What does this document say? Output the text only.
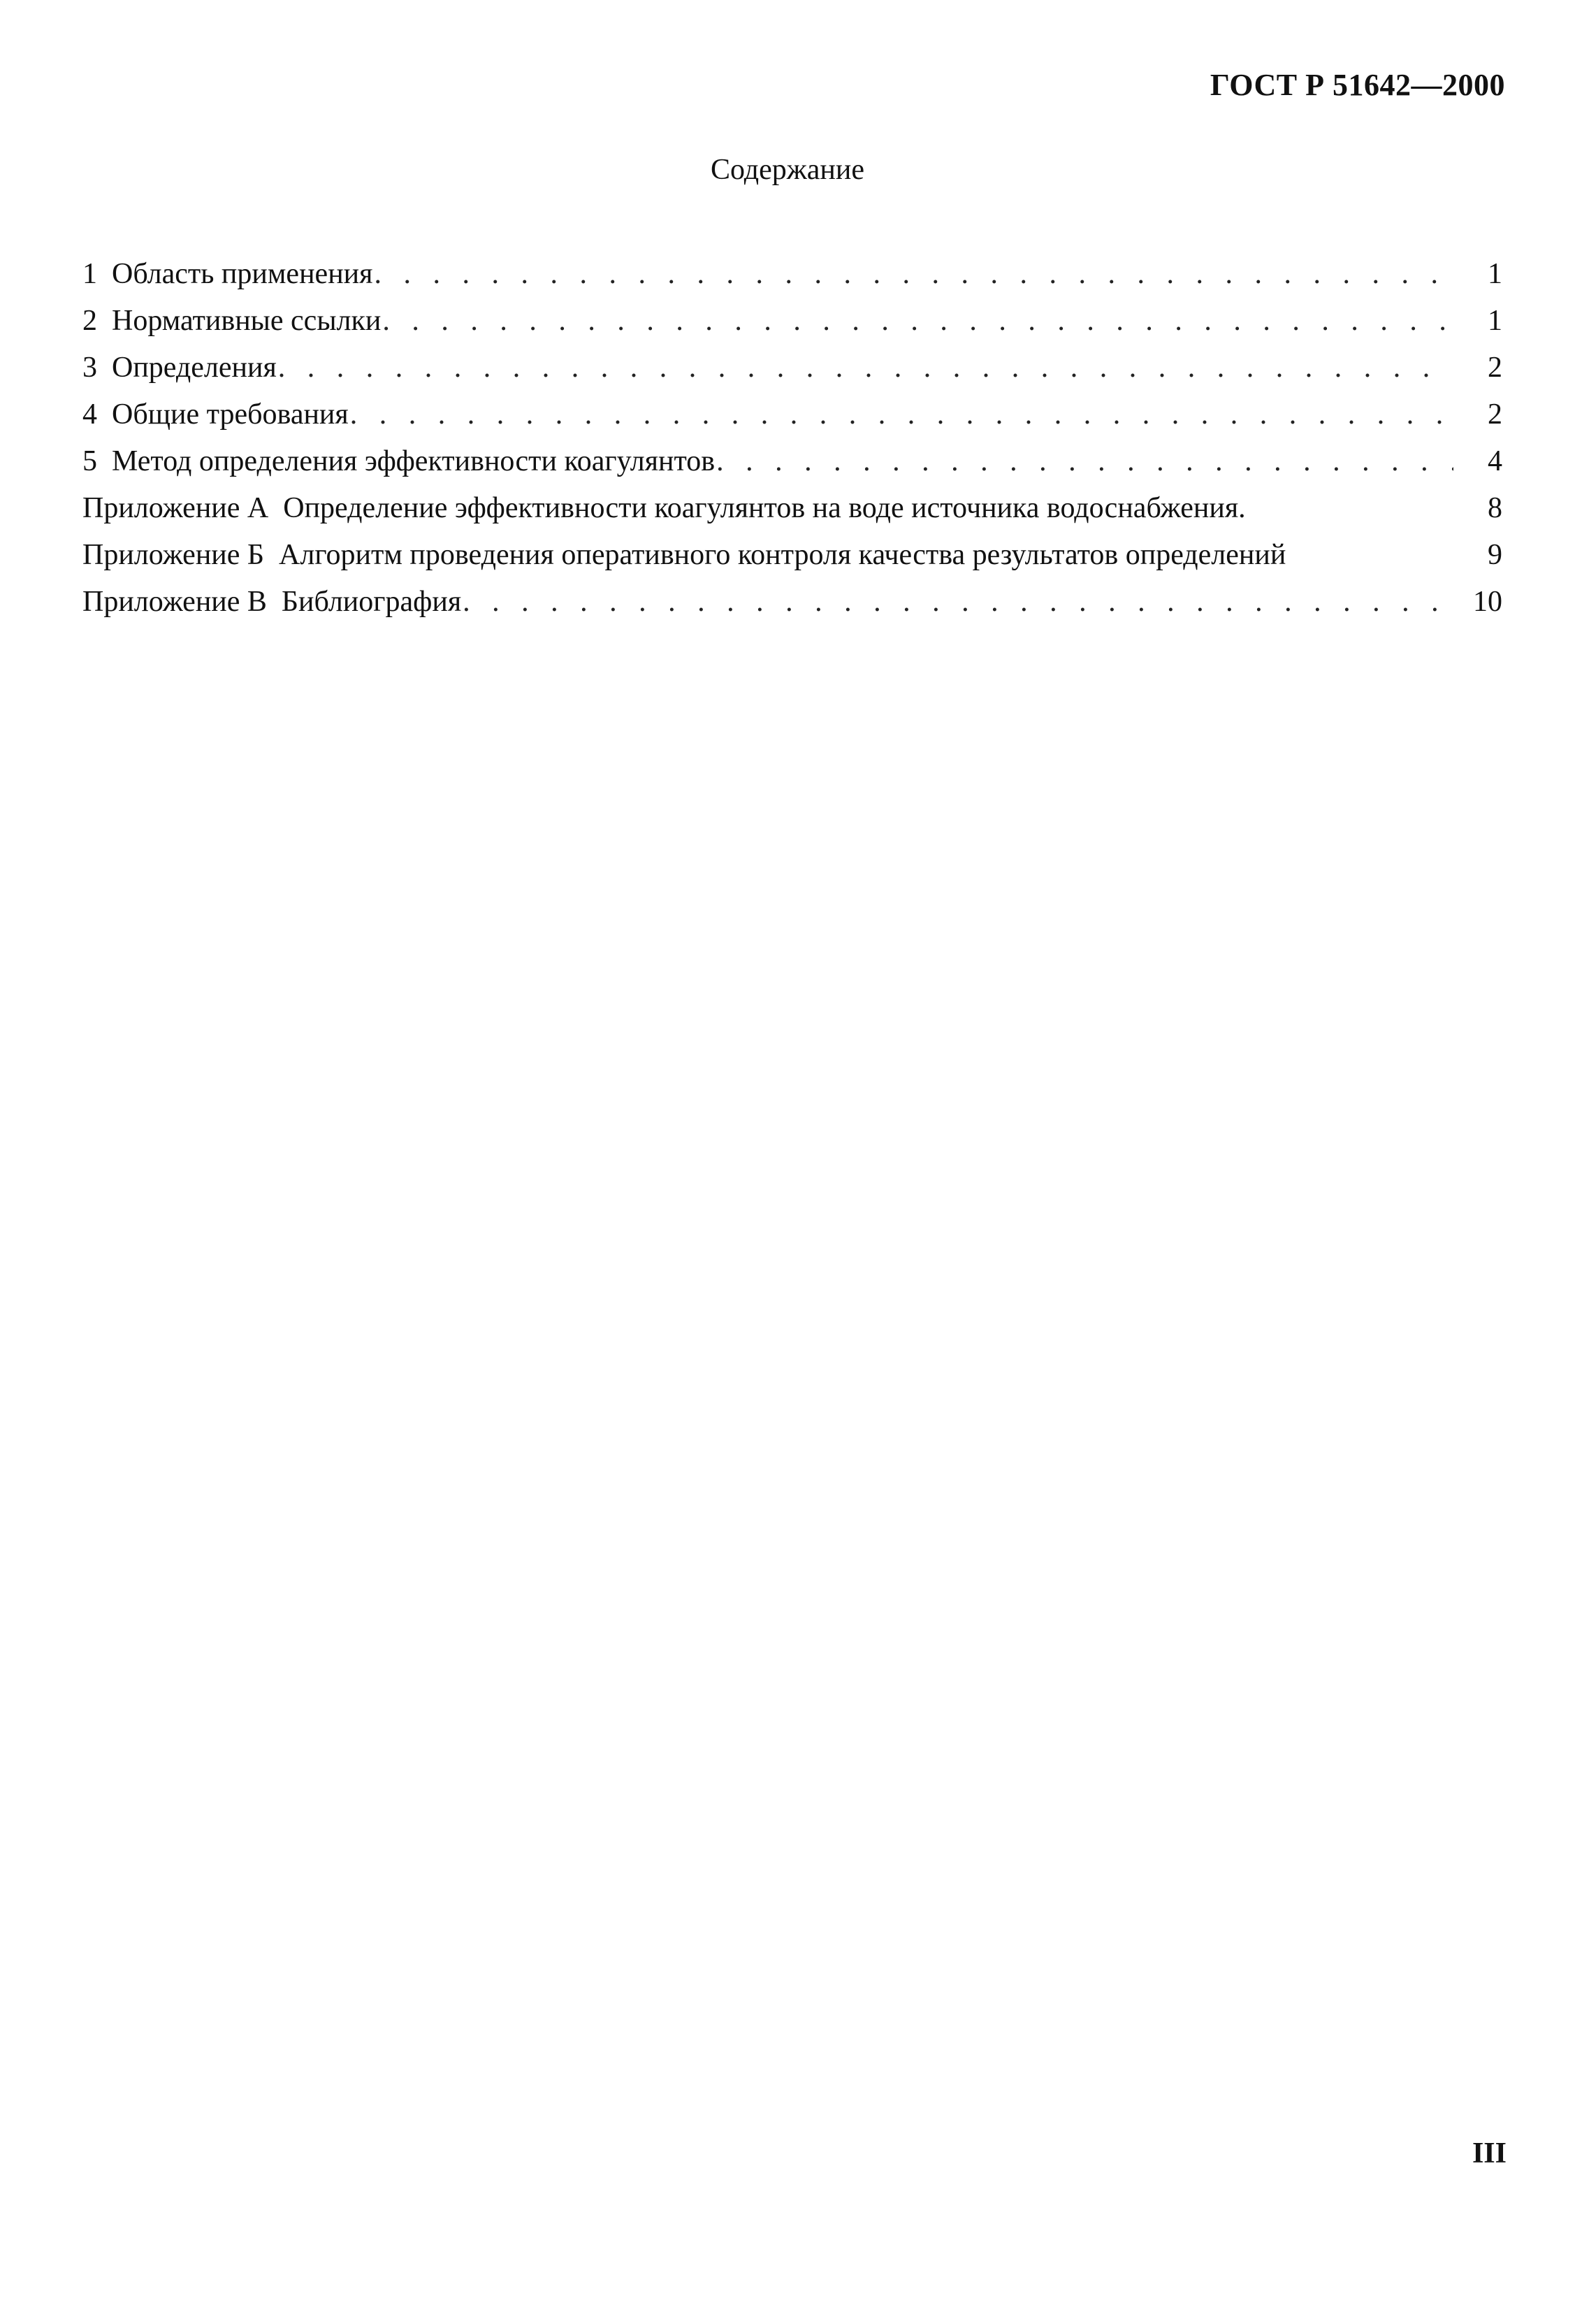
ГОСТ Р 51642—2000
Содержание
1  Область применения . . .	1
2  Нормативные ссылки . . .	1
3  Определения . . .	2
4  Общие требования . . .	2
5  Метод определения эффективности коагулянтов . . .	4
Приложение А  Определение эффективности коагулянтов на воде источника водоснабжения.	8
Приложение Б  Алгоритм проведения оперативного контроля качества результатов определений	9
Приложение В  Библиография . . .	10
III
